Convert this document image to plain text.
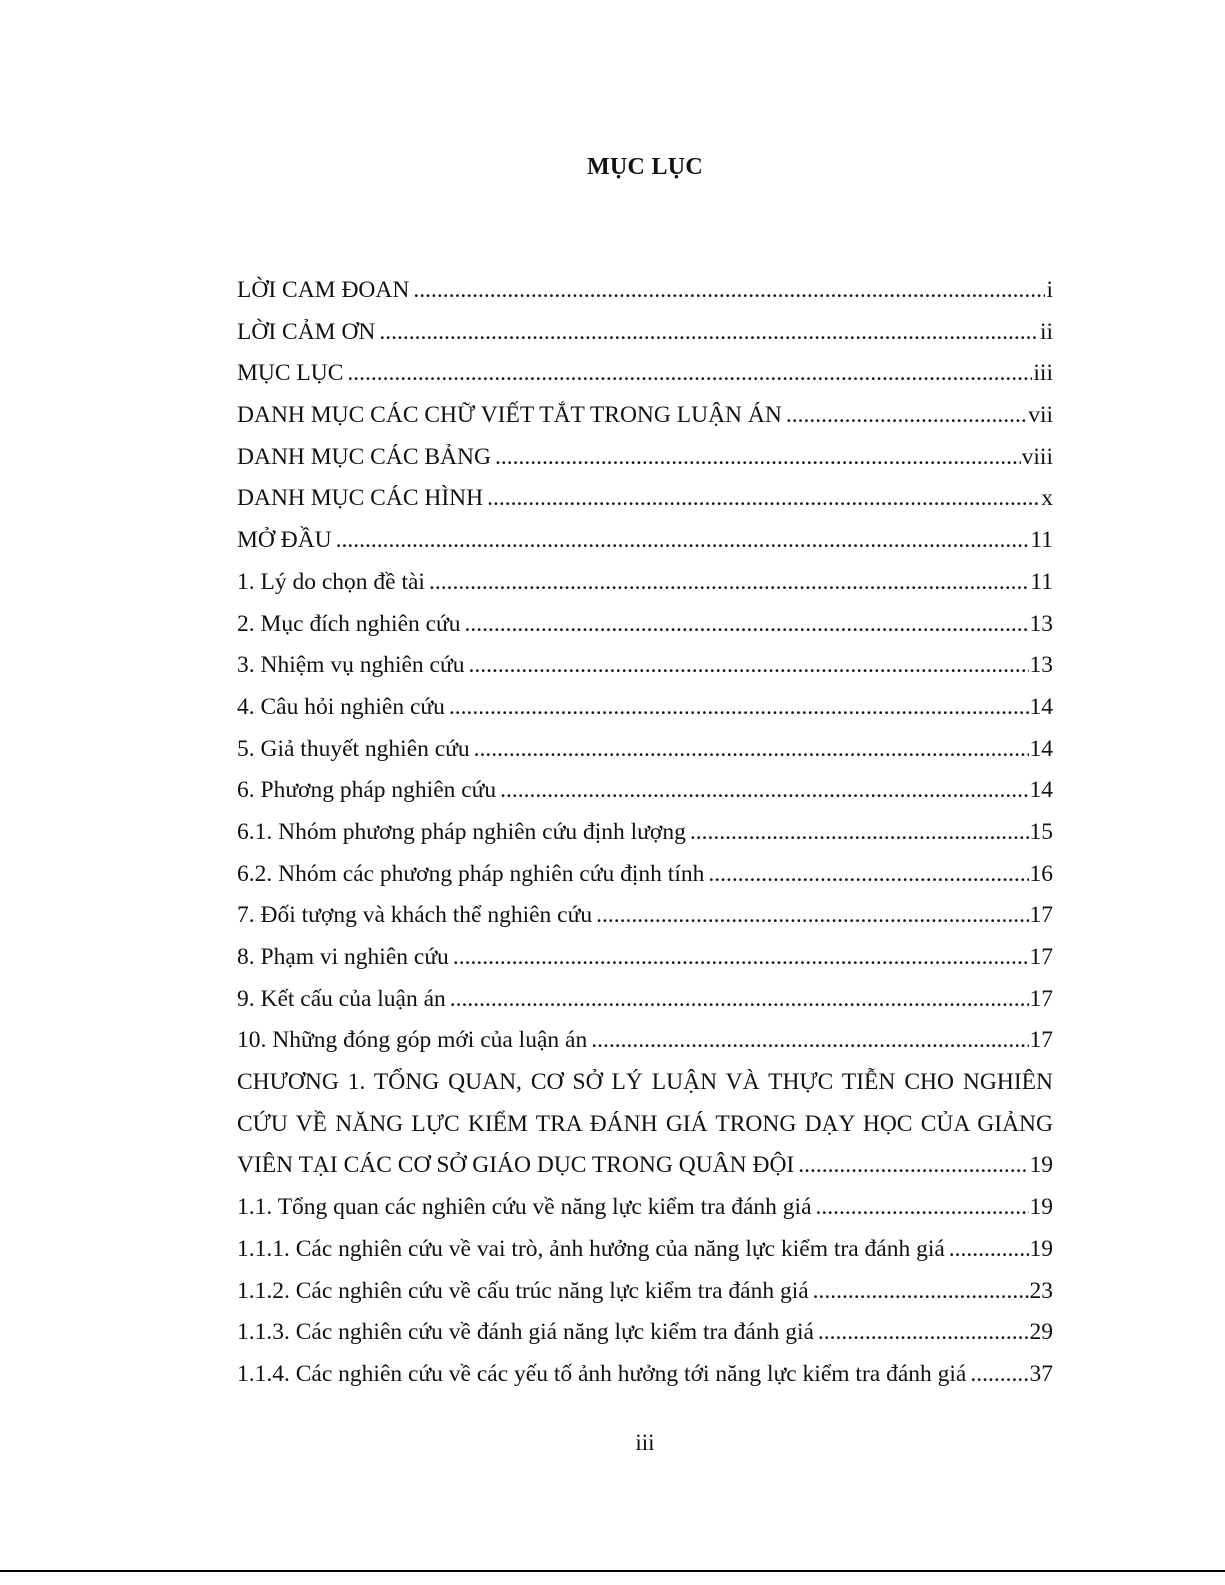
MỤC LỤC
LỜI CAM ĐOAN .....	i
LỜI CẢM ƠN .....	ii
MỤC LỤC .....	iii
DANH MỤC CÁC CHỮ VIẾT TẮT TRONG LUẬN ÁN .....	vii
DANH MỤC CÁC BẢNG .....	viii
DANH MỤC CÁC HÌNH .....	x
MỞ ĐẦU .....	11
1. Lý do chọn đề tài .....	11
2. Mục đích nghiên cứu .....	13
3. Nhiệm vụ nghiên cứu .....	13
4. Câu hỏi nghiên cứu .....	14
5. Giả thuyết nghiên cứu .....	14
6. Phương pháp nghiên cứu .....	14
6.1. Nhóm phương pháp nghiên cứu định lượng .....	15
6.2. Nhóm các phương pháp nghiên cứu định tính .....	16
7. Đối tượng và khách thể nghiên cứu .....	17
8. Phạm vi nghiên cứu .....	17
9. Kết cấu của luận án .....	17
10. Những đóng góp mới của luận án .....	17
CHƯƠNG 1. TỔNG QUAN, CƠ SỞ LÝ LUẬN VÀ THỰC TIỄN CHO NGHIÊN
CỨU VỀ NĂNG LỰC KIỂM TRA ĐÁNH GIÁ TRONG DẠY HỌC CỦA GIẢNG
VIÊN TẠI CÁC CƠ SỞ GIÁO DỤC TRONG QUÂN ĐỘI .....	19
1.1. Tổng quan các nghiên cứu về năng lực kiểm tra đánh giá .....	19
1.1.1. Các nghiên cứu về vai trò, ảnh hưởng của năng lực kiểm tra đánh giá .....	19
1.1.2. Các nghiên cứu về cấu trúc năng lực kiểm tra đánh giá .....	23
1.1.3. Các nghiên cứu về đánh giá năng lực kiểm tra đánh giá .....	29
1.1.4. Các nghiên cứu về các yếu tố ảnh hưởng tới năng lực kiểm tra đánh giá .....	37
iii
